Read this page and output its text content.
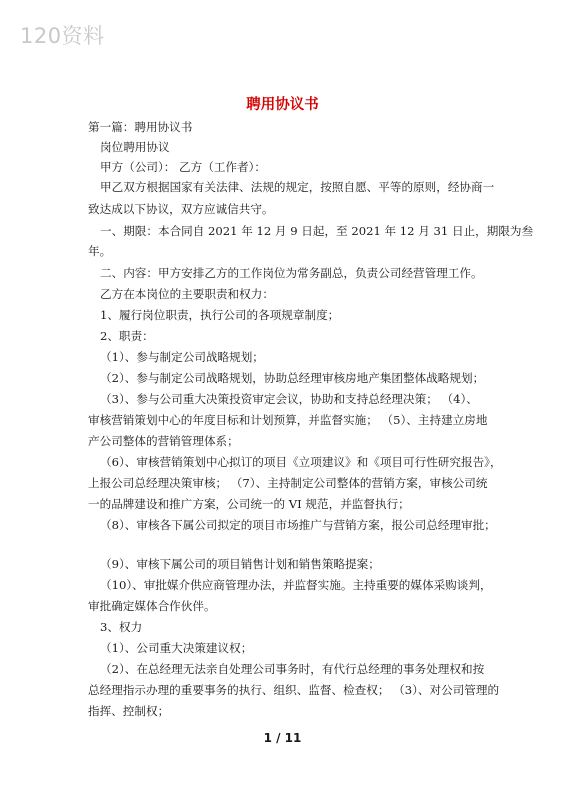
120资料
聘用协议书
第一篇：聘用协议书
岗位聘用协议
甲方（公司）： 乙方（工作者）：
甲乙双方根据国家有关法律、法规的规定，按照自愿、平等的原则，经协商一
致达成以下协议，双方应诚信共守。
一、期限：本合同自 2021 年 12 月 9 日起，至 2021 年 12 月 31 日止，期限为叁
年。
二、内容：甲方安排乙方的工作岗位为常务副总，负责公司经营管理工作。
乙方在本岗位的主要职责和权力：
1、履行岗位职责，执行公司的各项规章制度；
2、职责：
（1）、参与制定公司战略规划；
（2）、参与制定公司战略规划，协助总经理审核房地产集团整体战略规划；
（3）、参与公司重大决策投资审定会议，协助和支持总经理决策； （4）、
审核营销策划中心的年度目标和计划预算，并监督实施； （5）、主持建立房地
产公司整体的营销管理体系；
（6）、审核营销策划中心拟订的项目《立项建议》和《项目可行性研究报告》，
上报公司总经理决策审核； （7）、主持制定公司整体的营销方案，审核公司统
一的品牌建设和推广方案，公司统一的 VI 规范，并监督执行；
（8）、审核各下属公司拟定的项目市场推广与营销方案，报公司总经理审批；
（9）、审核下属公司的项目销售计划和销售策略提案；
（10）、审批媒介供应商管理办法，并监督实施。主持重要的媒体采购谈判，
审批确定媒体合作伙伴。
3、权力
（1）、公司重大决策建议权；
（2）、在总经理无法亲自处理公司事务时，有代行总经理的事务处理权和按
总经理指示办理的重要事务的执行、组织、监督、检查权； （3）、对公司管理的
指挥、控制权；
1 / 11
